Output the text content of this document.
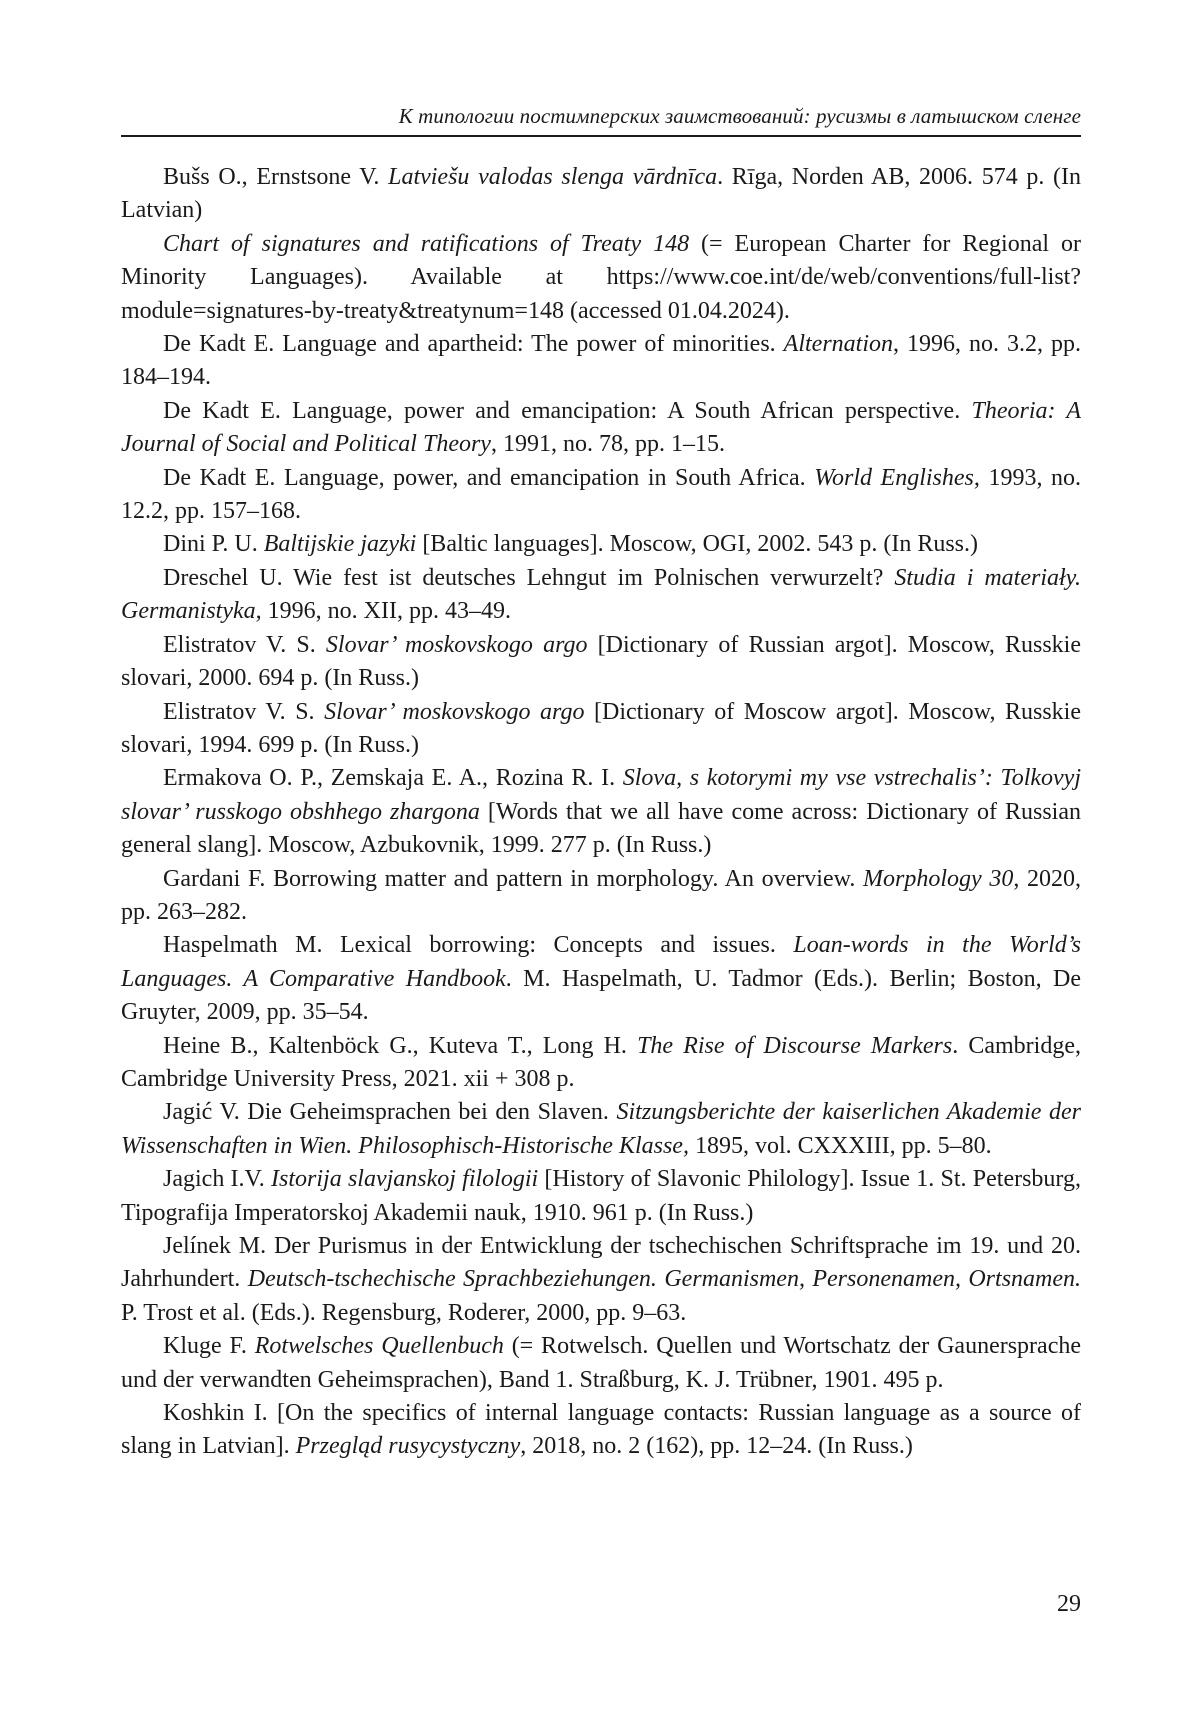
К типологии постимперских заимствований: русизмы в латышском сленге

Bušs O., Ernstsone V. Latviešu valodas slenga vārdnīca. Rīga, Norden AB, 2006. 574 p. (In Latvian)

Chart of signatures and ratifications of Treaty 148 (= European Charter for Regional or Minority Languages). Available at https://www.coe.int/de/web/conventions/full-list?module=signatures-by-treaty&treatynum=148 (accessed 01.04.2024).

De Kadt E. Language and apartheid: The power of minorities. Alternation, 1996, no. 3.2, pp. 184–194.

De Kadt E. Language, power and emancipation: A South African perspective. Theoria: A Journal of Social and Political Theory, 1991, no. 78, pp. 1–15.

De Kadt E. Language, power, and emancipation in South Africa. World Englishes, 1993, no. 12.2, pp. 157–168.

Dini P. U. Baltijskie jazyki [Baltic languages]. Moscow, OGI, 2002. 543 p. (In Russ.)

Dreschel U. Wie fest ist deutsches Lehngut im Polnischen verwurzelt? Studia i materiały. Germanistyka, 1996, no. XII, pp. 43–49.

Elistratov V. S. Slovar’ moskovskogo argo [Dictionary of Russian argot]. Moscow, Russkie slovari, 2000. 694 p. (In Russ.)

Elistratov V. S. Slovar’ moskovskogo argo [Dictionary of Moscow argot]. Moscow, Russkie slovari, 1994. 699 p. (In Russ.)

Ermakova O. P., Zemskaja E. A., Rozina R. I. Slova, s kotorymi my vse vstrechalis’: Tolkovyj slovar’ russkogo obshhego zhargona [Words that we all have come across: Dictionary of Russian general slang]. Moscow, Azbukovnik, 1999. 277 p. (In Russ.)

Gardani F. Borrowing matter and pattern in morphology. An overview. Morphology 30, 2020, pp. 263–282.

Haspelmath M. Lexical borrowing: Concepts and issues. Loan-words in the World’s Languages. A Comparative Handbook. M. Haspelmath, U. Tadmor (Eds.). Berlin; Boston, De Gruyter, 2009, pp. 35–54.

Heine B., Kaltenböck G., Kuteva T., Long H. The Rise of Discourse Markers. Cambridge, Cambridge University Press, 2021. xii + 308 p.

Jagić V. Die Geheimsprachen bei den Slaven. Sitzungsberichte der kaiserlichen Akademie der Wissenschaften in Wien. Philosophisch-Historische Klasse, 1895, vol. CXXXIII, pp. 5–80.

Jagich I.V. Istorija slavjanskoj filologii [History of Slavonic Philology]. Issue 1. St. Petersburg, Tipografija Imperatorskoj Akademii nauk, 1910. 961 p. (In Russ.)

Jelínek M. Der Purismus in der Entwicklung der tschechischen Schriftsprache im 19. und 20. Jahrhundert. Deutsch-tschechische Sprachbeziehungen. Germanismen, Personenamen, Ortsnamen. P. Trost et al. (Eds.). Regensburg, Roderer, 2000, pp. 9–63.

Kluge F. Rotwelsches Quellenbuch (= Rotwelsch. Quellen und Wortschatz der Gaunersprache und der verwandten Geheimsprachen), Band 1. Straßburg, K. J. Trübner, 1901. 495 p.

Koshkin I. [On the specifics of internal language contacts: Russian language as a source of slang in Latvian]. Przegląd rusycystyczny, 2018, no. 2 (162), pp. 12–24. (In Russ.)

29
